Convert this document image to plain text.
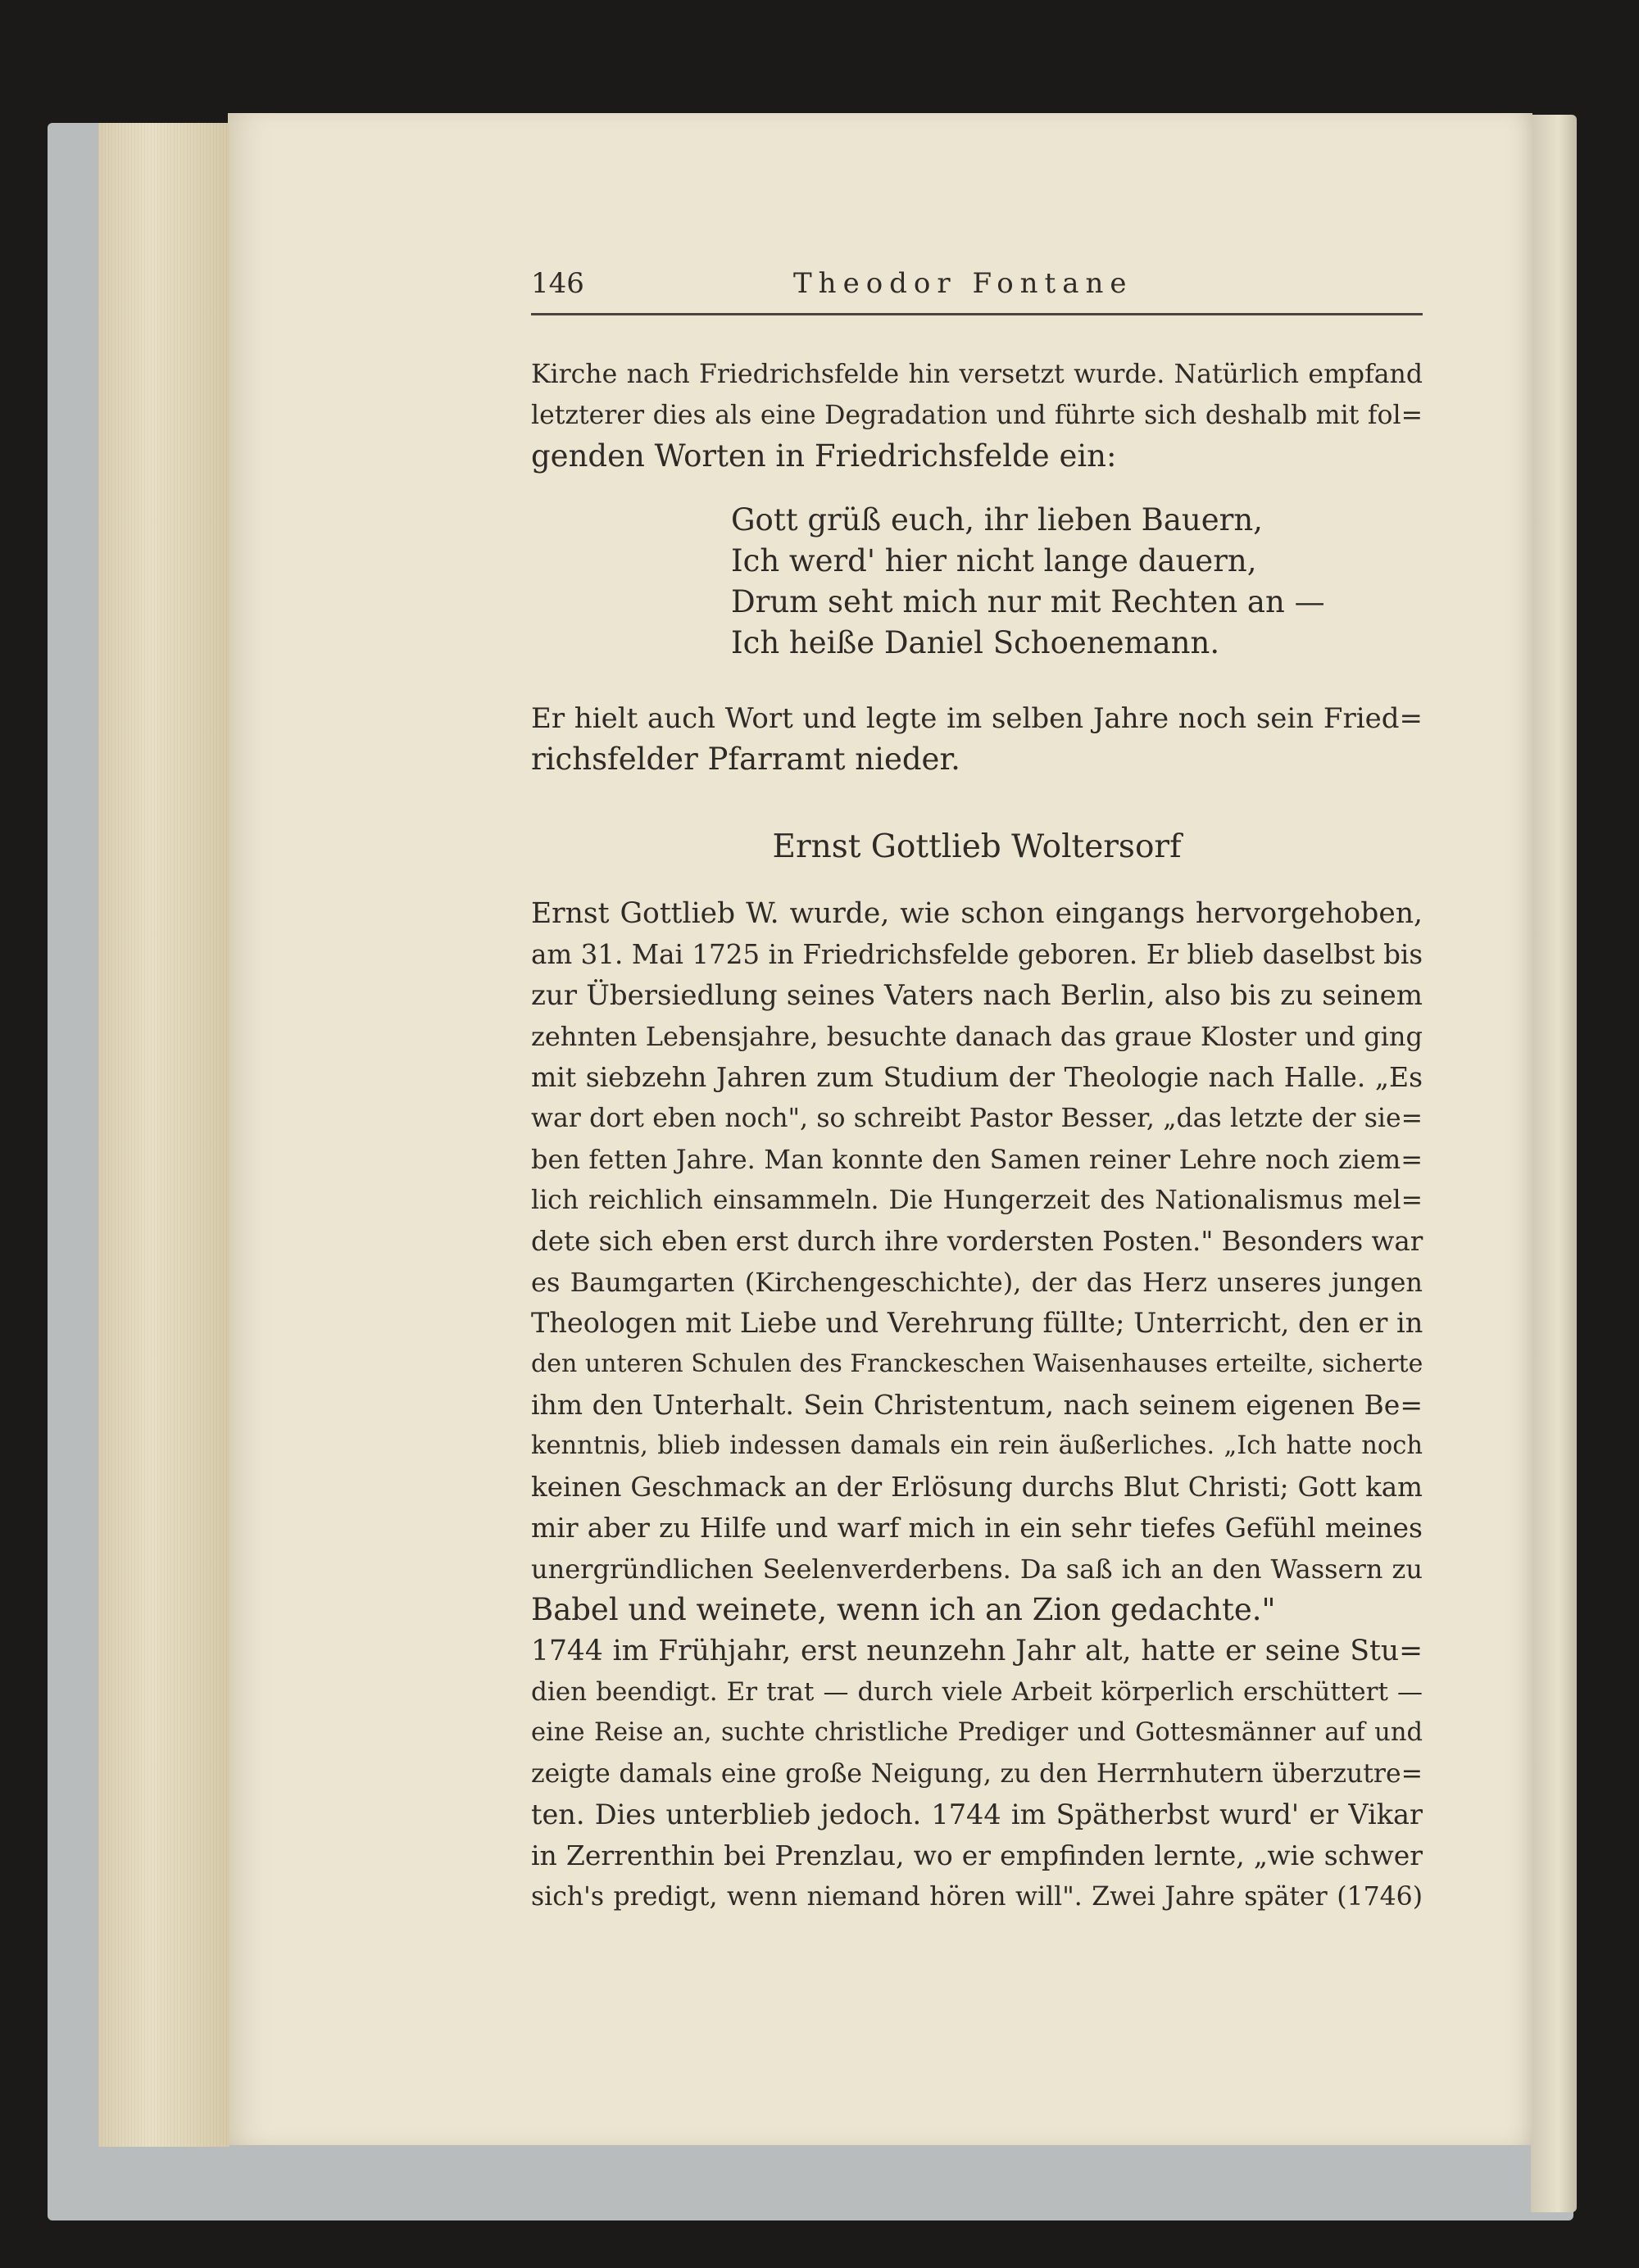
146	Theodor Fontane
Kirche nach Friedrichsfelde hin versetzt wurde. Natürlich empfand
letzterer dies als eine Degradation und führte sich deshalb mit fol=
genden Worten in Friedrichsfelde ein:
Gott grüß euch, ihr lieben Bauern,
Ich werd' hier nicht lange dauern,
Drum seht mich nur mit Rechten an —
Ich heiße Daniel Schoenemann.
Er hielt auch Wort und legte im selben Jahre noch sein Fried=
richsfelder Pfarramt nieder.
Ernst Gottlieb Woltersorf
Ernst Gottlieb W. wurde, wie schon eingangs hervorgehoben,
am 31. Mai 1725 in Friedrichsfelde geboren. Er blieb daselbst bis
zur Übersiedlung seines Vaters nach Berlin, also bis zu seinem
zehnten Lebensjahre, besuchte danach das graue Kloster und ging
mit siebzehn Jahren zum Studium der Theologie nach Halle. „Es
war dort eben noch", so schreibt Pastor Besser, „das letzte der sie=
ben fetten Jahre. Man konnte den Samen reiner Lehre noch ziem=
lich reichlich einsammeln. Die Hungerzeit des Nationalismus mel=
dete sich eben erst durch ihre vordersten Posten." Besonders war
es Baumgarten (Kirchengeschichte), der das Herz unseres jungen
Theologen mit Liebe und Verehrung füllte; Unterricht, den er in
den unteren Schulen des Franckeschen Waisenhauses erteilte, sicherte
ihm den Unterhalt. Sein Christentum, nach seinem eigenen Be=
kenntnis, blieb indessen damals ein rein äußerliches. „Ich hatte noch
keinen Geschmack an der Erlösung durchs Blut Christi; Gott kam
mir aber zu Hilfe und warf mich in ein sehr tiefes Gefühl meines
unergründlichen Seelenverderbens. Da saß ich an den Wassern zu
Babel und weinete, wenn ich an Zion gedachte."
1744 im Frühjahr, erst neunzehn Jahr alt, hatte er seine Stu=
dien beendigt. Er trat — durch viele Arbeit körperlich erschüttert —
eine Reise an, suchte christliche Prediger und Gottesmänner auf und
zeigte damals eine große Neigung, zu den Herrnhutern überzutre=
ten. Dies unterblieb jedoch. 1744 im Spätherbst wurd' er Vikar
in Zerrenthin bei Prenzlau, wo er empfinden lernte, „wie schwer
sich's predigt, wenn niemand hören will". Zwei Jahre später (1746)
